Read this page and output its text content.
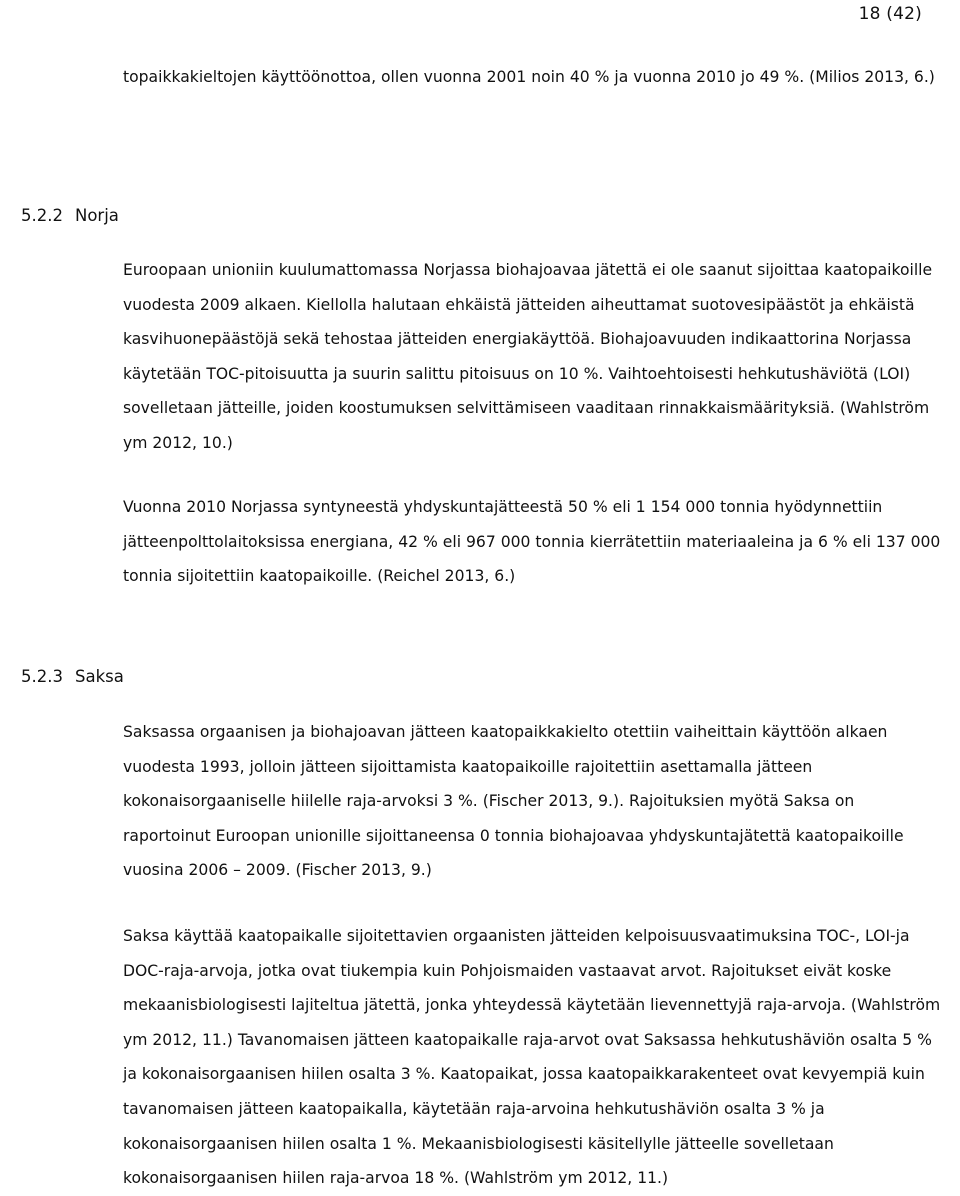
18 (42)

topaikkakieltojen käyttöönottoa, ollen vuonna 2001 noin 40 % ja vuonna 2010 jo 49 %. (Milios 2013, 6.)

5.2.2 Norja

Euroopaan unioniin kuulumattomassa Norjassa biohajoavaa jätettä ei ole saanut sijoittaa kaatopaikoille vuodesta 2009 alkaen. Kiellolla halutaan ehkäistä jätteiden aiheuttamat suotovesipäästöt ja ehkäistä kasvihuonepäästöjä sekä tehostaa jätteiden energiakäyttöä. Biohajoavuuden indikaattorina Norjassa käytetään TOC-pitoisuutta ja suurin salittu pitoisuus on 10 %. Vaihtoehtoisesti hehkutushäviötä (LOI) sovelletaan jätteille, joiden koostumuksen selvittämiseen vaaditaan rinnakkaismäärityksiä. (Wahlström ym 2012, 10.)

Vuonna 2010 Norjassa syntyneestä yhdyskuntajätteestä 50 % eli 1 154 000 tonnia hyödynnettiin jätteenpolttolaitoksissa energiana, 42 % eli 967 000 tonnia kierrätettiin materiaaleina ja 6 % eli 137 000 tonnia sijoitettiin kaatopaikoille. (Reichel 2013, 6.)

5.2.3 Saksa

Saksassa orgaanisen ja biohajoavan jätteen kaatopaikkakielto otettiin vaiheittain käyttöön alkaen vuodesta 1993, jolloin jätteen sijoittamista kaatopaikoille rajoitettiin asettamalla jätteen kokonaisorgaaniselle hiilelle raja-arvoksi 3 %. (Fischer 2013, 9.). Rajoituksien myötä Saksa on raportoinut Euroopan unionille sijoittaneensa 0 tonnia biohajoavaa yhdyskuntajätettä kaatopaikoille vuosina 2006 – 2009. (Fischer 2013, 9.)

Saksa käyttää kaatopaikalle sijoitettavien orgaanisten jätteiden kelpoisuusvaatimuksina TOC-, LOI-ja DOC-raja-arvoja, jotka ovat tiukempia kuin Pohjoismaiden vastaavat arvot. Rajoitukset eivät koske mekaanisbiologisesti lajiteltua jätettä, jonka yhteydessä käytetään lievennettyjä raja-arvoja. (Wahlström ym 2012, 11.) Tavanomaisen jätteen kaatopaikalle raja-arvot ovat Saksassa hehkutushäviön osalta 5 % ja kokonaisorgaanisen hiilen osalta 3 %. Kaatopaikat, jossa kaatopaikkarakenteet ovat kevyempiä kuin tavanomaisen jätteen kaatopaikalla, käytetään raja-arvoina hehkutushäviön osalta 3 % ja kokonaisorgaanisen hiilen osalta 1 %. Mekaanisbiologisesti käsitellylle jätteelle sovelletaan kokonaisorgaanisen hiilen raja-arvoa 18 %. (Wahlström ym 2012, 11.)
